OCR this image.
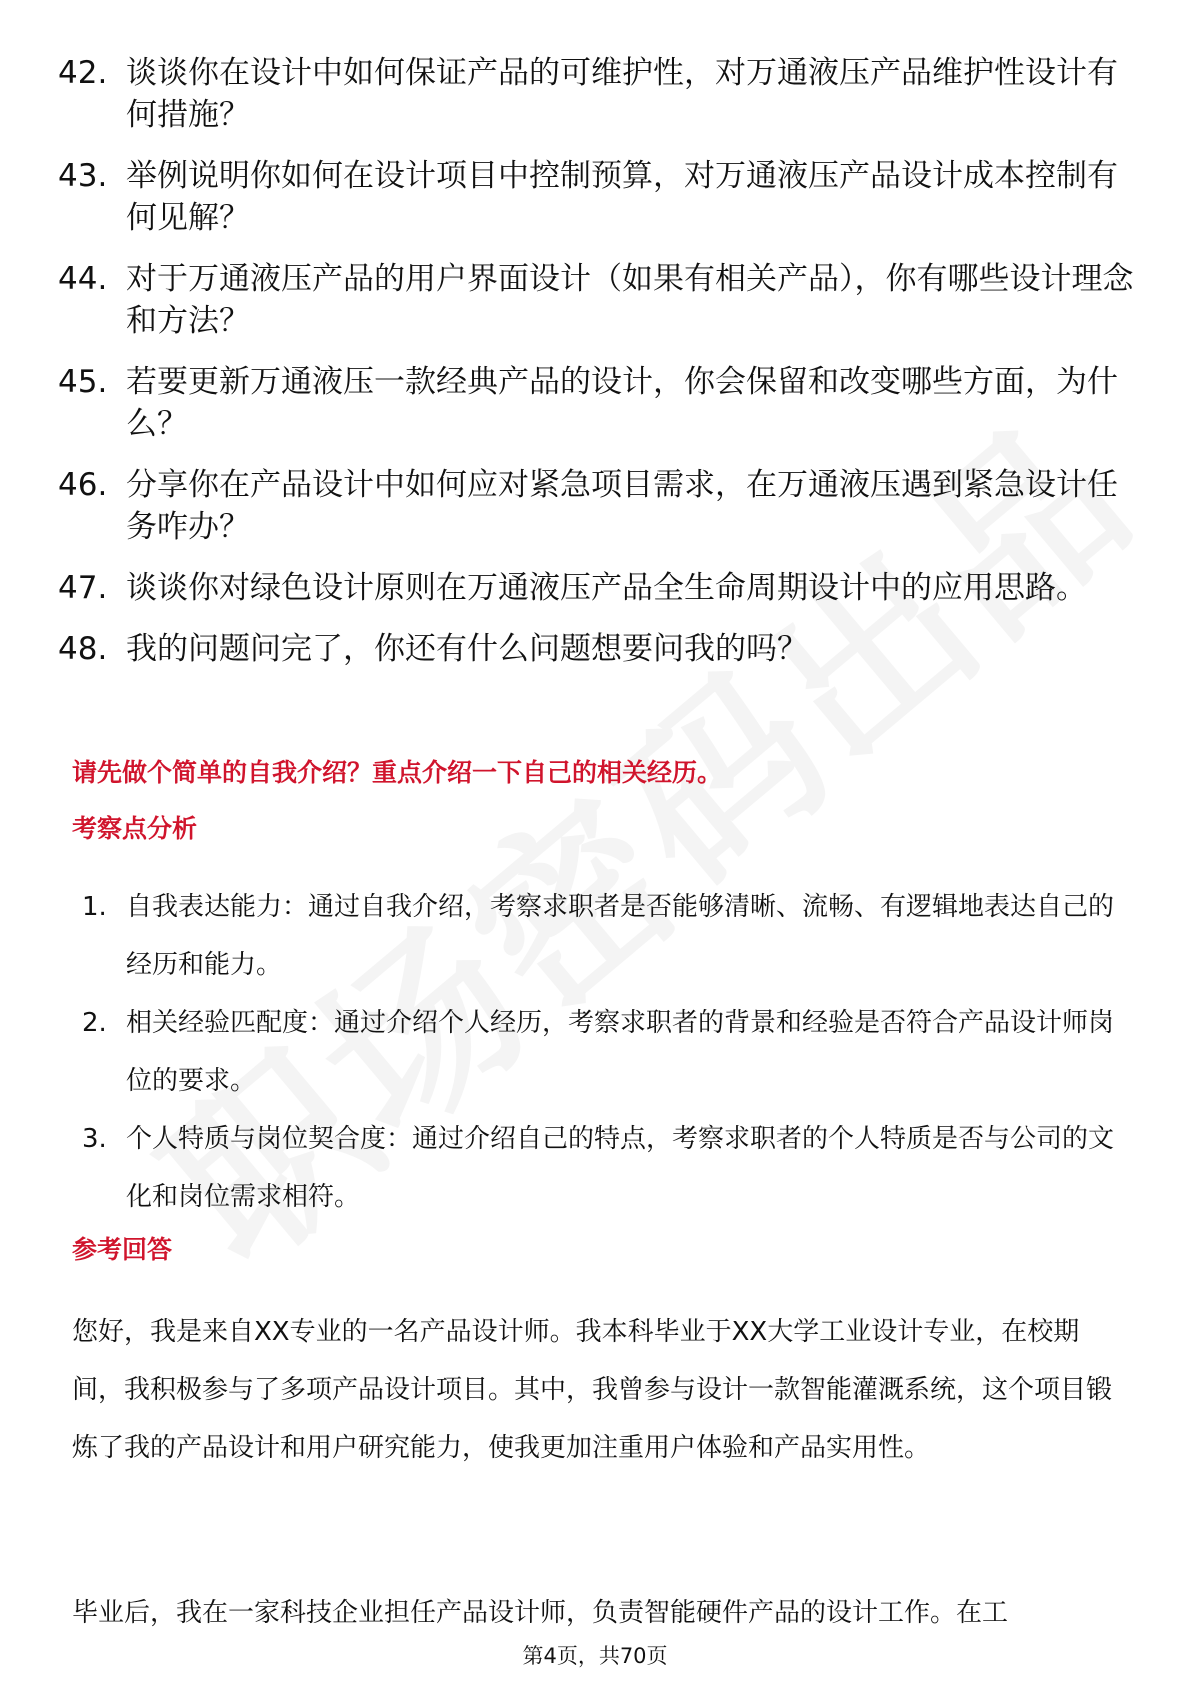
42. 谈谈你在设计中如何保证产品的可维护性，对万通液压产品维护性设计有何措施？
43. 举例说明你如何在设计项目中控制预算，对万通液压产品设计成本控制有何见解？
44. 对于万通液压产品的用户界面设计（如果有相关产品），你有哪些设计理念和方法？
45. 若要更新万通液压一款经典产品的设计，你会保留和改变哪些方面，为什么？
46. 分享你在产品设计中如何应对紧急项目需求，在万通液压遇到紧急设计任务咋办？
47. 谈谈你对绿色设计原则在万通液压产品全生命周期设计中的应用思路。
48. 我的问题问完了，你还有什么问题想要问我的吗？
请先做个简单的自我介绍？重点介绍一下自己的相关经历。
考察点分析
1. 自我表达能力：通过自我介绍，考察求职者是否能够清晰、流畅、有逻辑地表达自己的经历和能力。
2. 相关经验匹配度：通过介绍个人经历，考察求职者的背景和经验是否符合产品设计师岗位的要求。
3. 个人特质与岗位契合度：通过介绍自己的特点，考察求职者的个人特质是否与公司的文化和岗位需求相符。
参考回答

您好，我是来自XX专业的一名产品设计师。我本科毕业于XX大学工业设计专业，在校期间，我积极参与了多项产品设计项目。其中，我曾参与设计一款智能灌溉系统，这个项目锻炼了我的产品设计和用户研究能力，使我更加注重用户体验和产品实用性。

毕业后，我在一家科技企业担任产品设计师，负责智能硬件产品的设计工作。在工

第4页，共70页
